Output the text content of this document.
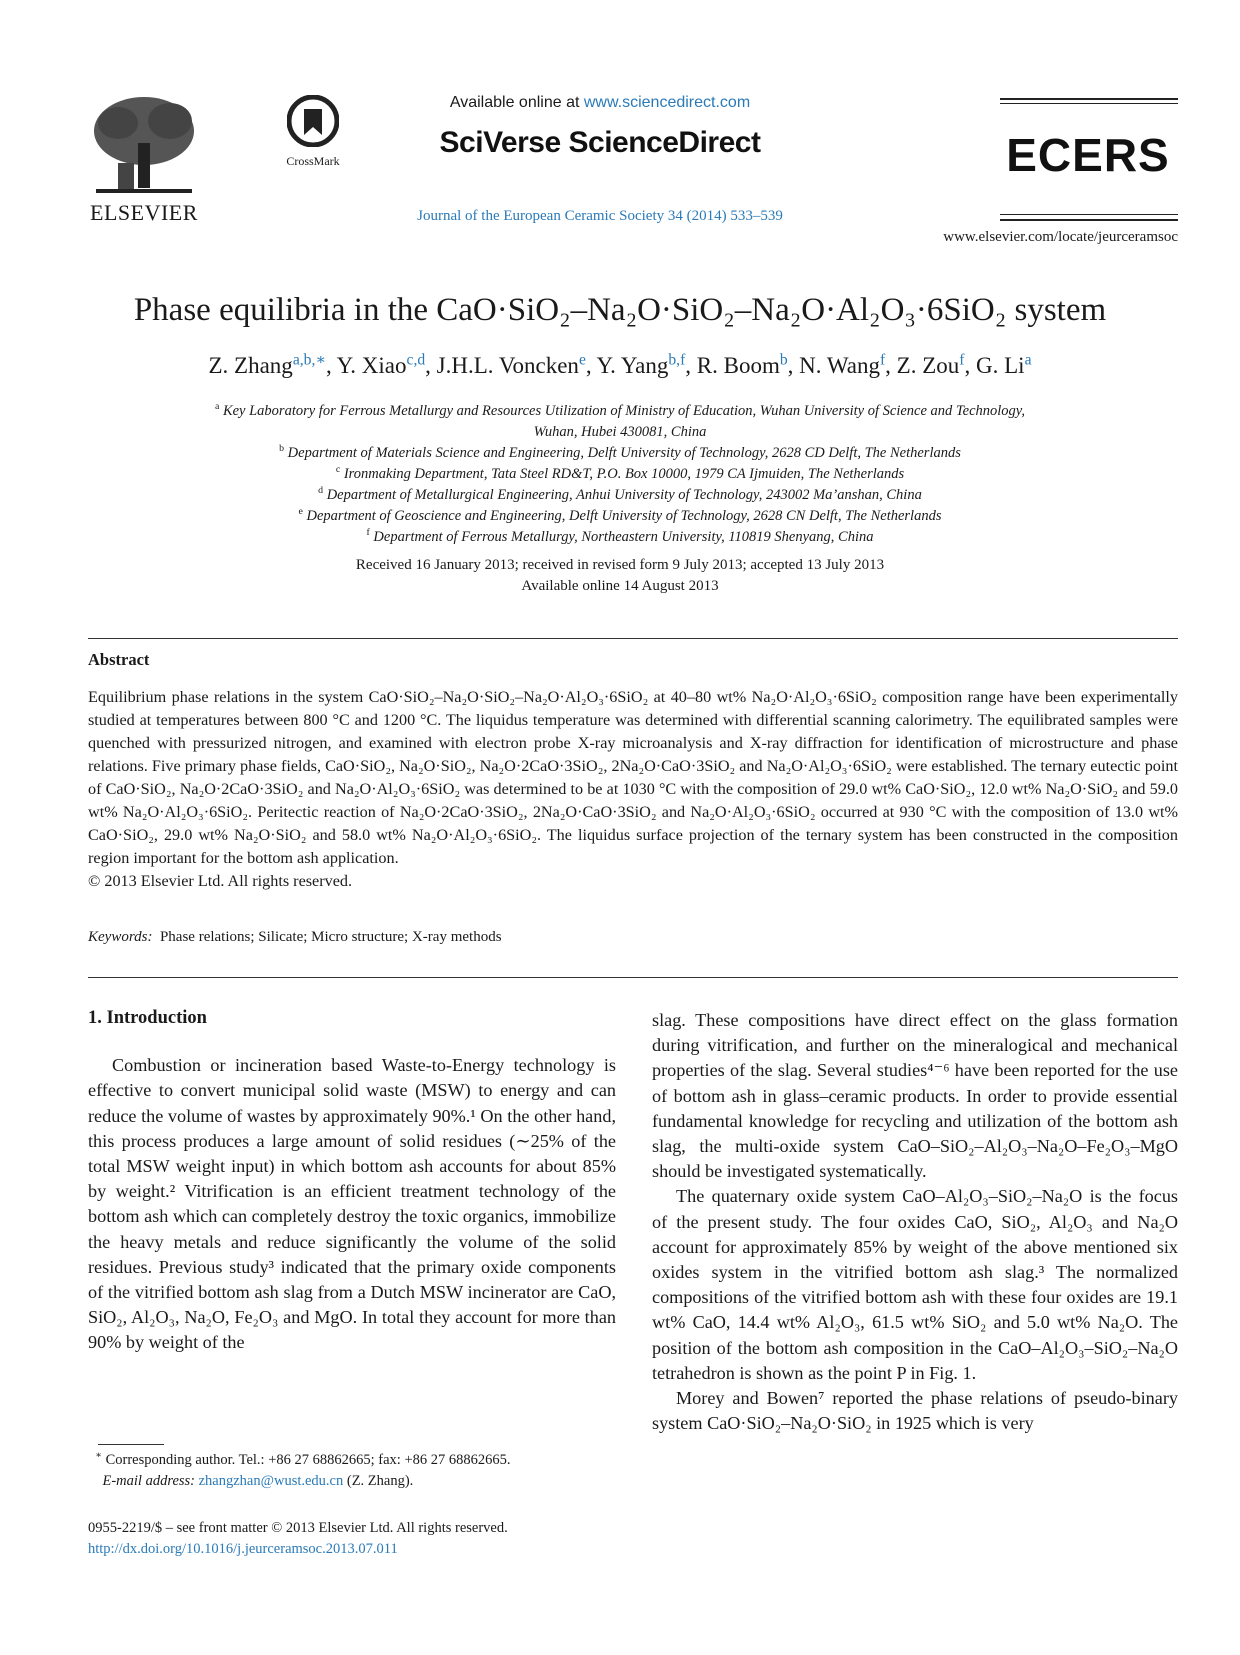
ELSEVIER
CrossMark
Available online at www.sciencedirect.com
SciVerse ScienceDirect
Journal of the European Ceramic Society 34 (2014) 533–539
ECERS
www.elsevier.com/locate/jeurceramsoc
Phase equilibria in the CaO·SiO₂–Na₂O·SiO₂–Na₂O·Al₂O₃·6SiO₂ system
Z. Zhang$^{a,b,∗}$, Y. Xiao$^{c,d}$, J.H.L. Voncken$^e$, Y. Yang$^{b,f}$, R. Boom$^b$, N. Wang$^f$, Z. Zou$^f$, G. Li$^a$
$^a$ Key Laboratory for Ferrous Metallurgy and Resources Utilization of Ministry of Education, Wuhan University of Science and Technology,
Wuhan, Hubei 430081, China
$^b$ Department of Materials Science and Engineering, Delft University of Technology, 2628 CD Delft, The Netherlands
$^c$ Ironmaking Department, Tata Steel RD&T, P.O. Box 10000, 1979 CA Ijmuiden, The Netherlands
$^d$ Department of Metallurgical Engineering, Anhui University of Technology, 243002 Ma’anshan, China
$^e$ Department of Geoscience and Engineering, Delft University of Technology, 2628 CN Delft, The Netherlands
$^f$ Department of Ferrous Metallurgy, Northeastern University, 110819 Shenyang, China
Received 16 January 2013; received in revised form 9 July 2013; accepted 13 July 2013
Available online 14 August 2013
Abstract
Equilibrium phase relations in the system CaO·SiO₂–Na₂O·SiO₂–Na₂O·Al₂O₃·6SiO₂ at 40–80 wt% Na₂O·Al₂O₃·6SiO₂ composition range have been experimentally studied at temperatures between 800 °C and 1200 °C. The liquidus temperature was determined with differential scanning calorimetry. The equilibrated samples were quenched with pressurized nitrogen, and examined with electron probe X-ray microanalysis and X-ray diffraction for identification of microstructure and phase relations. Five primary phase fields, CaO·SiO₂, Na₂O·SiO₂, Na₂O·2CaO·3SiO₂, 2Na₂O·CaO·3SiO₂ and Na₂O·Al₂O₃·6SiO₂ were established. The ternary eutectic point of CaO·SiO₂, Na₂O·2CaO·3SiO₂ and Na₂O·Al₂O₃·6SiO₂ was determined to be at 1030 °C with the composition of 29.0 wt% CaO·SiO₂, 12.0 wt% Na₂O·SiO₂ and 59.0 wt% Na₂O·Al₂O₃·6SiO₂. Peritectic reaction of Na₂O·2CaO·3SiO₂, 2Na₂O·CaO·3SiO₂ and Na₂O·Al₂O₃·6SiO₂ occurred at 930 °C with the composition of 13.0 wt% CaO·SiO₂, 29.0 wt% Na₂O·SiO₂ and 58.0 wt% Na₂O·Al₂O₃·6SiO₂. The liquidus surface projection of the ternary system has been constructed in the composition region important for the bottom ash application.
© 2013 Elsevier Ltd. All rights reserved.
Keywords: Phase relations; Silicate; Micro structure; X-ray methods
1. Introduction

Combustion or incineration based Waste-to-Energy technology is effective to convert municipal solid waste (MSW) to energy and can reduce the volume of wastes by approximately 90%.¹ On the other hand, this process produces a large amount of solid residues (∼25% of the total MSW weight input) in which bottom ash accounts for about 85% by weight.² Vitrification is an efficient treatment technology of the bottom ash which can completely destroy the toxic organics, immobilize the heavy metals and reduce significantly the volume of the solid residues. Previous study³ indicated that the primary oxide components of the vitrified bottom ash slag from a Dutch MSW incinerator are CaO, SiO₂, Al₂O₃, Na₂O, Fe₂O₃ and MgO. In total they account for more than 90% by weight of the

slag. These compositions have direct effect on the glass formation during vitrification, and further on the mineralogical and mechanical properties of the slag. Several studies⁴⁻⁶ have been reported for the use of bottom ash in glass–ceramic products. In order to provide essential fundamental knowledge for recycling and utilization of the bottom ash slag, the multi-oxide system CaO–SiO₂–Al₂O₃–Na₂O–Fe₂O₃–MgO should be investigated systematically.

The quaternary oxide system CaO–Al₂O₃–SiO₂–Na₂O is the focus of the present study. The four oxides CaO, SiO₂, Al₂O₃ and Na₂O account for approximately 85% by weight of the above mentioned six oxides system in the vitrified bottom ash slag.³ The normalized compositions of the vitrified bottom ash with these four oxides are 19.1 wt% CaO, 14.4 wt% Al₂O₃, 61.5 wt% SiO₂ and 5.0 wt% Na₂O. The position of the bottom ash composition in the CaO–Al₂O₃–SiO₂–Na₂O tetrahedron is shown as the point P in Fig. 1.

Morey and Bowen⁷ reported the phase relations of pseudo-binary system CaO·SiO₂–Na₂O·SiO₂ in 1925 which is very

∗ Corresponding author. Tel.: +86 27 68862665; fax: +86 27 68862665.
E-mail address: zhangzhan@wust.edu.cn (Z. Zhang).
0955-2219/$ – see front matter © 2013 Elsevier Ltd. All rights reserved.
http://dx.doi.org/10.1016/j.jeurceramsoc.2013.07.011
